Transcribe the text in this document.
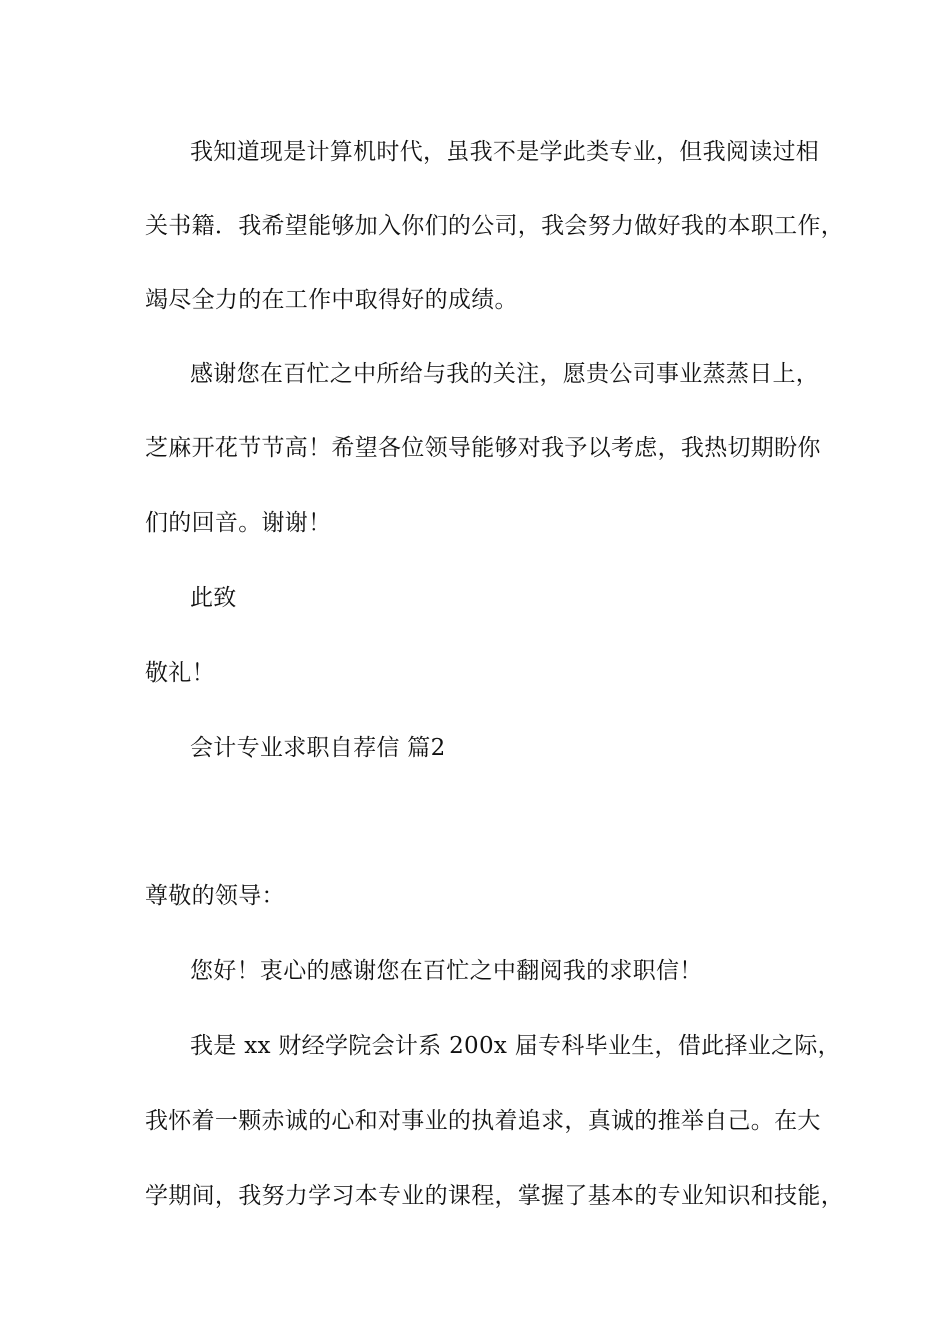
我知道现是计算机时代，虽我不是学此类专业，但我阅读过相
关书籍．我希望能够加入你们的公司，我会努力做好我的本职工作，
竭尽全力的在工作中取得好的成绩。
感谢您在百忙之中所给与我的关注，愿贵公司事业蒸蒸日上，
芝麻开花节节高！希望各位领导能够对我予以考虑，我热切期盼你
们的回音。谢谢！
此致
敬礼！
会计专业求职自荐信 篇2
尊敬的领导：
您好！衷心的感谢您在百忙之中翻阅我的求职信！
我是 xx 财经学院会计系 200x 届专科毕业生，借此择业之际，
我怀着一颗赤诚的心和对事业的执着追求，真诚的推举自己。在大
学期间，我努力学习本专业的课程，掌握了基本的专业知识和技能，
